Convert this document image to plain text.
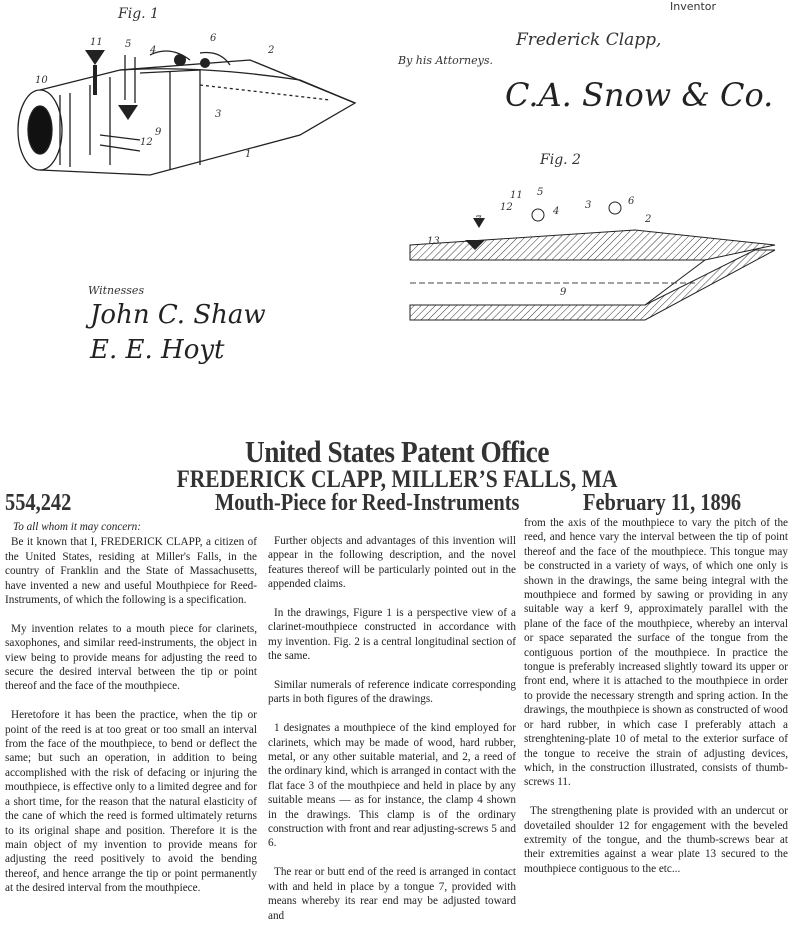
Fig. 1
11 5
4
6
2
10
3
9
12
1
Inventor
Frederick Clapp,
By his Attorneys.
C.A. Snow & Co.
Fig. 2
11 5
12	4
3	6
2
7
13
9
Witnesses
John C. Shaw
E. E. Hoyt
United States Patent Office
FREDERICK CLAPP, MILLER’S FALLS, MA
554,242	Mouth-Piece for Reed-Instruments	February 11, 1896
To all whom it may concern:

Be it known that I, FREDERICK CLAPP, a citizen of the United States, residing at Miller's Falls, in the country of Franklin and the State of Massachusetts, have invented a new and useful Mouthpiece for Reed-Instruments, of which the following is a specification.

My invention relates to a mouth piece for clarinets, saxophones, and similar reed-instruments, the object in view being to provide means for adjusting the reed to secure the desired interval between the tip or point thereof and the face of the mouthpiece.

Heretofore it has been the practice, when the tip or point of the reed is at too great or too small an interval from the face of the mouthpiece, to bend or deflect the same; but such an operation, in addition to being accomplished with the risk of defacing or injuring the mouthpiece, is effective only to a limited degree and for a short time, for the reason that the natural elasticity of the cane of which the reed is formed ultimately returns to its original shape and position. Therefore it is the main object of my invention to provide means for adjusting the reed positively to avoid the bending thereof, and hence arrange the tip or point permanently at the desired interval from the mouthpiece.

Further objects and advantages of this invention will appear in the following description, and the novel features thereof will be particularly pointed out in the appended claims.

In the drawings, Figure 1 is a perspective view of a clarinet-mouthpiece constructed in accordance with my invention. Fig. 2 is a central longitudinal section of the same.

Similar numerals of reference indicate corresponding parts in both figures of the drawings.

1 designates a mouthpiece of the kind employed for clarinets, which may be made of wood, hard rubber, metal, or any other suitable material, and 2, a reed of the ordinary kind, which is arranged in contact with the flat face 3 of the mouthpiece and held in place by any suitable means — as for instance, the clamp 4 shown in the drawings. This clamp is of the ordinary construction with front and rear adjusting-screws 5 and 6.

The rear or butt end of the reed is arranged in contact with and held in place by a tongue 7, provided with means whereby its rear end may be adjusted toward and

from the axis of the mouthpiece to vary the pitch of the reed, and hence vary the interval between the tip of point thereof and the face of the mouthpiece. This tongue may be constructed in a variety of ways, of which one only is shown in the drawings, the same being integral with the mouthpiece and formed by sawing or providing in any suitable way a kerf 9, approximately parallel with the plane of the face of the mouthpiece, whereby an interval or space separated the surface of the tongue from the contiguous portion of the mouthpiece. In practice the tongue is preferably increased slightly toward its upper or front end, where it is attached to the mouthpiece in order to provide the necessary strength and spring action. In the drawings, the mouthpiece is shown as constructed of wood or hard rubber, in which case I preferably attach a strenghtening-plate 10 of metal to the exterior surface of the tongue to receive the strain of adjusting devices, which, in the construction illustrated, consists of thumb-screws 11.

The strengthening plate is provided with an undercut or dovetailed shoulder 12 for engagement with the beveled extremity of the tongue, and the thumb-screws bear at their extremities against a wear plate 13 secured to the mouthpiece contiguous to the etc...
